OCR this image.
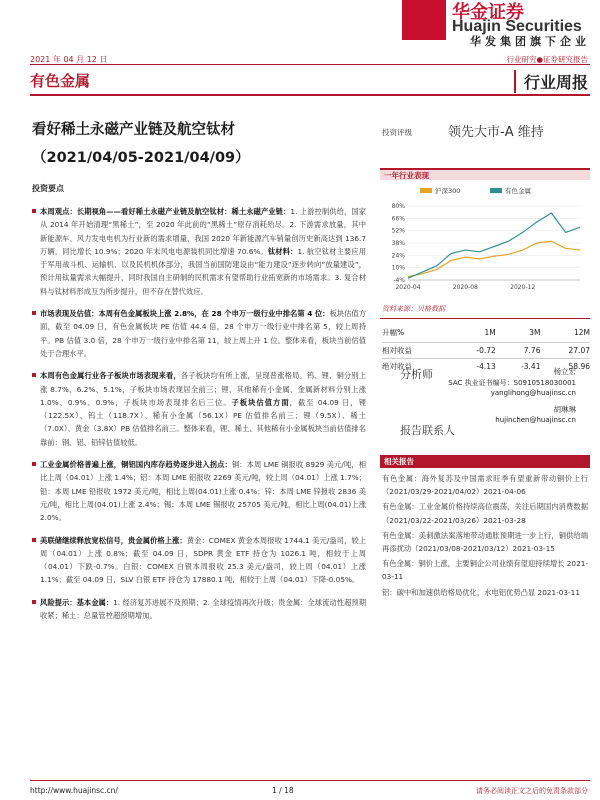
华金证券
Huajin Securities
华发集团旗下企业
2021 年 04 月 12 日	行业研究●证券研究报告
有色金属	行业周报
看好稀土永磁产业链及航空钛材
（2021/04/05-2021/04/09）
投资要点
本周观点：长期视角——看好稀土永磁产业链及航空钛材：稀土永磁产业链：1. 上游控制供给，国家从 2014 年开始清理“黑稀土”，至 2020 年此前的“黑稀土”原存消耗殆尽。2. 下游需求放量，其中新能源车、风力发电电机为行业新的需求增量，我国 2020 年新能源汽车销量创历史新高达到 136.7 万辆，同比增长 10.9%；2020 年末风电电源装机同比增速 70.6%。钛材料：1. 航空钛材主要应用于军用战斗机、运输机、以及民机机体部分，我国当前国防建设由“能力建设”逐步转向“放量建设”，预计用钛量需求大幅提升，同时我国自主研制的民机需求有望帮助行业拓宽新的市场需求。3. 复合材料与钛材料形成互为所步提升，但不存在替代效应。
市场表现及估值：本周有色金属板块上涨 2.8%，在 28 个申万一级行业中排名第 4 位：板块估值方面，截至 04.09 日，有色金属板块 PE 估值 44.4 倍，28 个申万一级行业中排名第 5，较上周持平。PB 估值 3.0 倍，28 个申万一级行业中排名第 11，较上周上升 1 位。整体来看，板块当前估值处于合理水平。
本周有色金属行业各子板块市场表现来看，各子板块均有所上涨，呈现普涨格局。钨、锂、铜分别上涨 8.7%、6.2%、5.1%，子板块市场表现居全前三；锂、其他稀有小金属、金属新材料分别上涨 1.0%、0.9%、0.9%，子板块市场表现排名后三位。子板块估值方面，截至 04.09 日，锂（122.5X）、钨土（118.7X）、稀有小金属（56.1X）PE 估值排名前三；锂（9.5X）、稀土（7.0X）、黄金（3.8X）PB 估值排名前三。整体来看，锂、稀土、其他稀有小金属板块当前估值排名靠前：钢、铝、铅锌估值较低。
工业金属价格普遍上涨，铜铝国内库存趋势逐步进入拐点：铜：本周 LME 铜报收 8929 美元/吨，相比上周（04.01）上涨 1.4%；铝：本周 LME 铝报收 2269 美元/吨，较上周（04.01）上涨 1.7%；铅：本周 LME 铅报收 1972 美元/吨，相比上周(04.01)上涨 0.4%；锌：本周 LME 锌报收 2836 美元/吨，相比上周(04.01)上涨 2.4%；锡：本周 LME 锡报收 25705 美元/吨，相比上周(04.01)上涨 2.0%。
美联储继续释放宽松信号，贵金属价格上涨：黄金：COMEX 黄金本周报收 1744.1 美元/盎司，较上周（04.01）上涨 0.8%；截至 04.09 日，SDPR 黄金 ETF 持仓为 1026.1 吨，相较于上周（04.01）下跌-0.7%。白银：COMEX 白银本周报收 25.3 美元/盎司，较上周（04.01）上涨 1.1%；截至 04.09 日，SLV 白银 ETF 持仓为 17880.1 吨，相较于上周（04.01）下降-0.05%。
风险提示：基本金属：1. 经济复苏进展不及预期；2. 全球疫情再次升级；贵金属：全球流动性超预期收紧；稀土：总量管控超预期增加。
投资评级	领先大市-A 维持
一年行业表现
80%
66%
52%
38%
24%
10%
-4%
2020-04	2020-08	2020-12
沪深300	有色金属
资料来源：贝格数据
升幅%	1M	3M	12M
相对收益	-0.72	7.76	27.07
绝对收益	-4.13	-3.41	58.96
分析师	杨立宏
SAC 执业证书编号：S0910518030001
yanglihong@huajinsc.cn
胡琳琳
hujinchen@huajinsc.cn
报告联系人
相关报告
有色金属：海外复苏及中国需求旺季有望重新带动铜价上行（2021/03/29-2021/04/02）2021-04-06
有色金属：工业金属价格持续高位震荡，关注后期国内消费数据（2021/03/22-2021/03/26）2021-03-28
有色金属：美刺激法案落地带动通胀预期进一步上行，铜供给端再添扰动（2021/03/08-2021/03/12）2021-03-15
有色金属：铜价上涨，主要铜企公司业绩有望迎持续增长 2021-03-11
铝：碳中和加速供给格局优化，水电铝优势凸显 2021-03-11
http://www.huajinsc.cn/	1 / 18	请务必阅读正文之后的免责条款部分
